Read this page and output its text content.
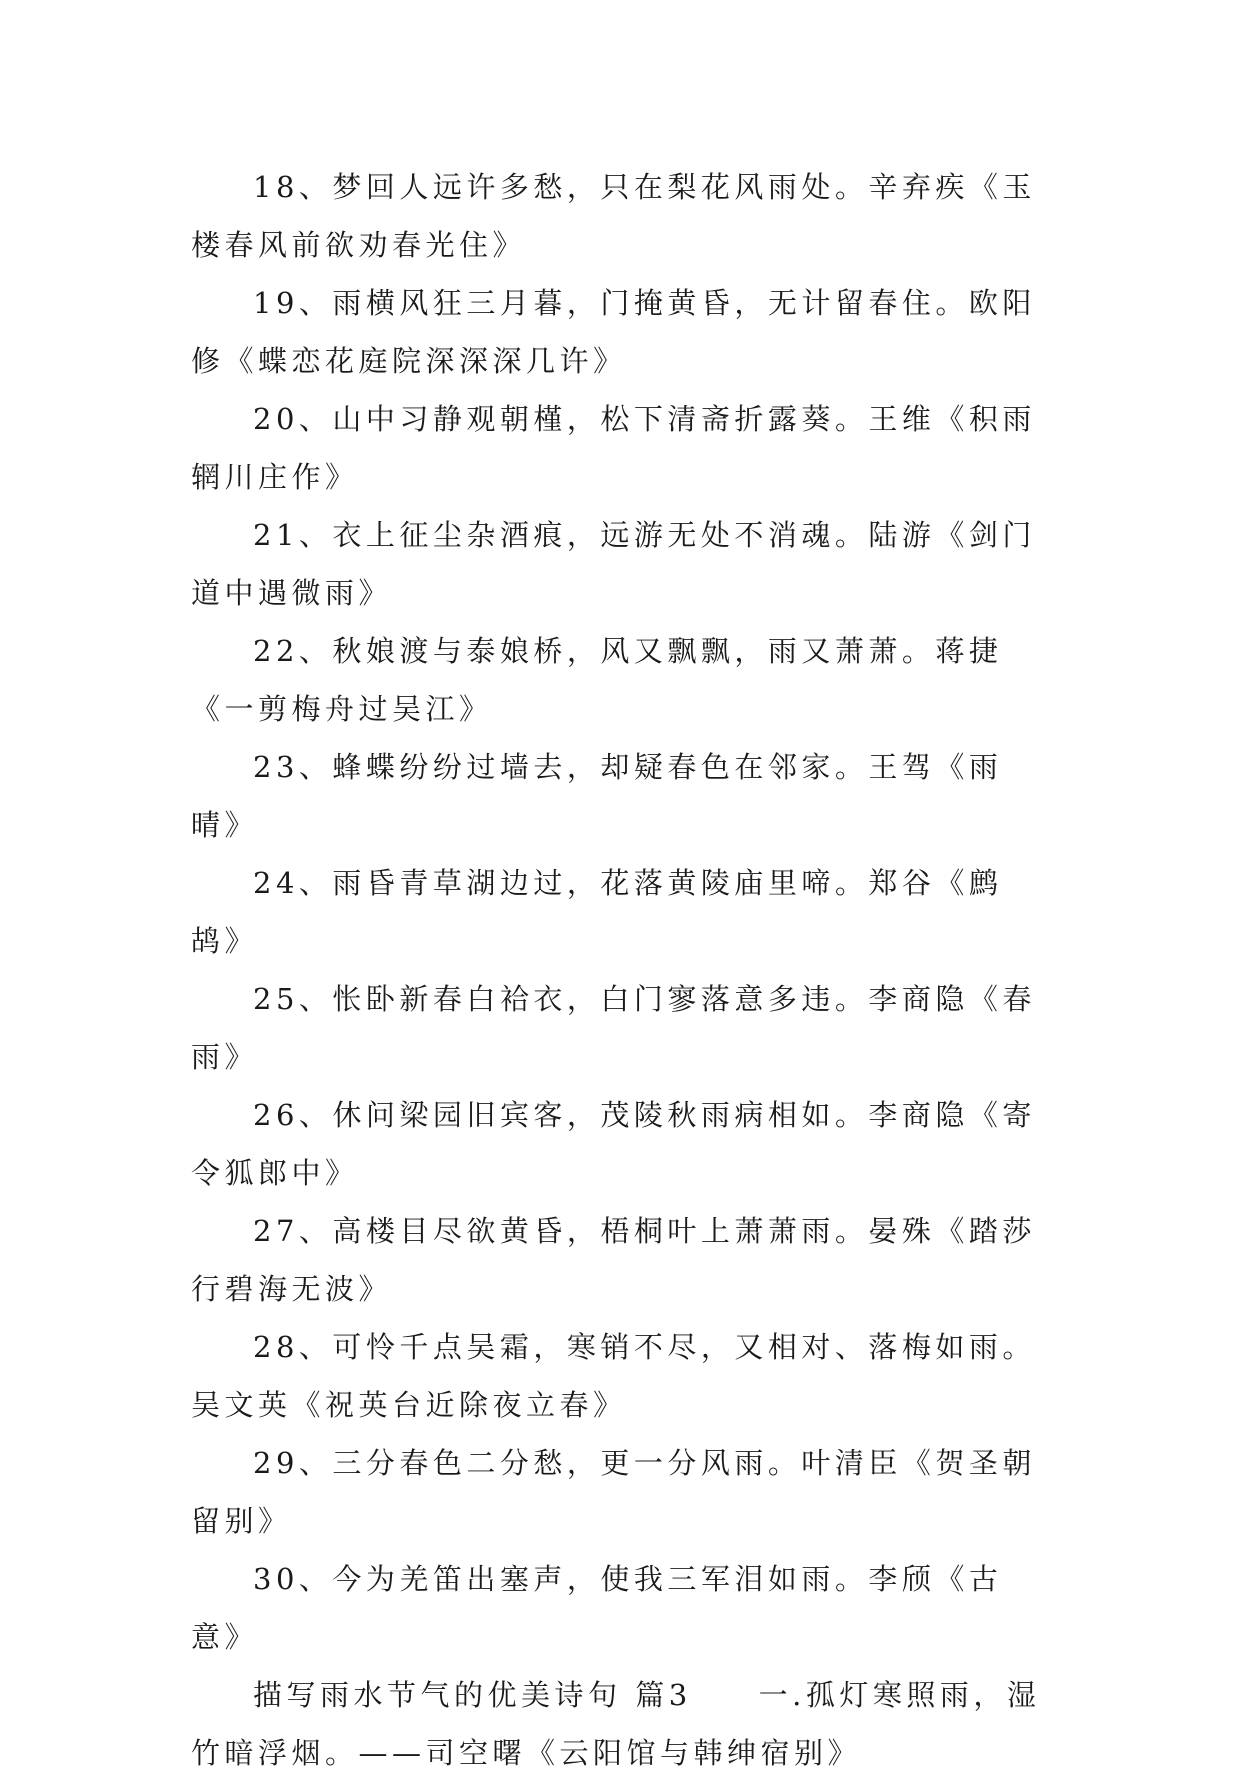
18、梦回人远许多愁，只在梨花风雨处。辛弃疾《玉楼春风前欲劝春光住》

19、雨横风狂三月暮，门掩黄昏，无计留春住。欧阳修《蝶恋花庭院深深深几许》

20、山中习静观朝槿，松下清斋折露葵。王维《积雨辋川庄作》

21、衣上征尘杂酒痕，远游无处不消魂。陆游《剑门道中遇微雨》

22、秋娘渡与泰娘桥，风又飘飘，雨又萧萧。蒋捷《一剪梅舟过吴江》

23、蜂蝶纷纷过墙去，却疑春色在邻家。王驾《雨晴》

24、雨昏青草湖边过，花落黄陵庙里啼。郑谷《鹧鸪》

25、怅卧新春白袷衣，白门寥落意多违。李商隐《春雨》

26、休问梁园旧宾客，茂陵秋雨病相如。李商隐《寄令狐郎中》

27、高楼目尽欲黄昏，梧桐叶上萧萧雨。晏殊《踏莎行碧海无波》

28、可怜千点吴霜，寒销不尽，又相对、落梅如雨。吴文英《祝英台近除夜立春》

29、三分春色二分愁，更一分风雨。叶清臣《贺圣朝留别》

30、今为羌笛出塞声，使我三军泪如雨。李颀《古意》

描写雨水节气的优美诗句 篇3　　一.孤灯寒照雨，湿竹暗浮烟。——司空曙《云阳馆与韩绅宿别》
